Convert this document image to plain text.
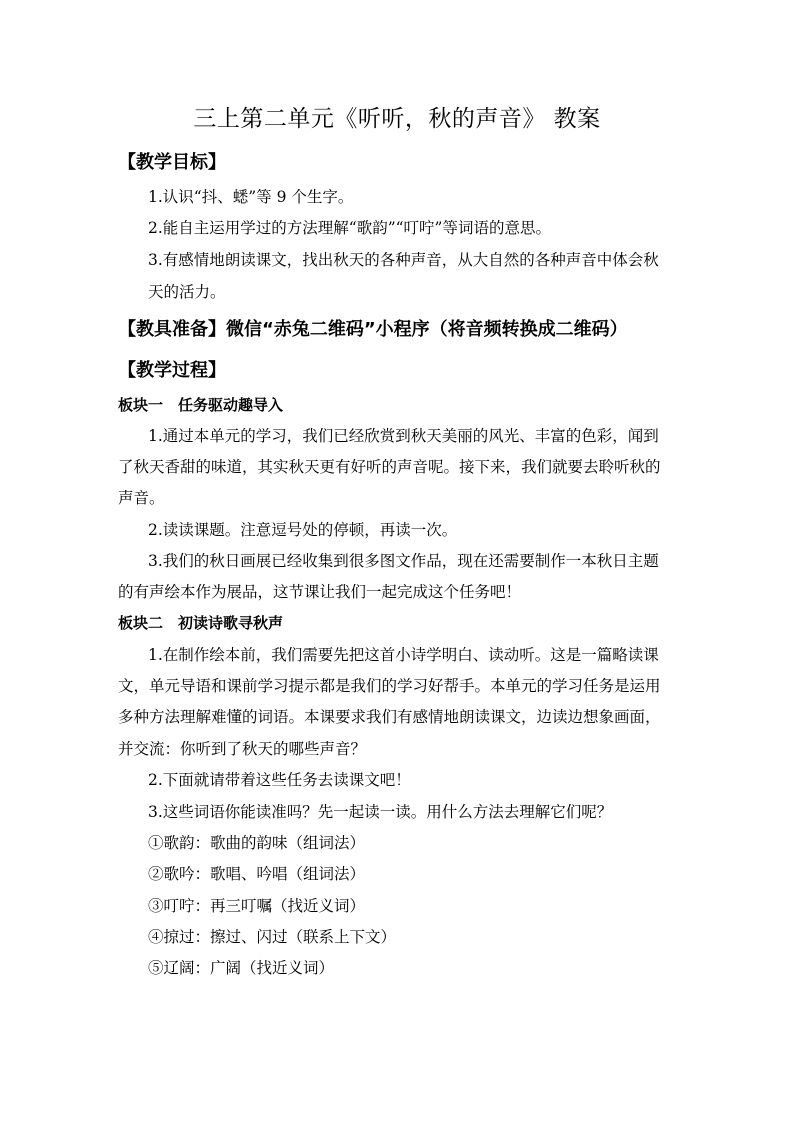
三上第二单元《听听，秋的声音》 教案
【教学目标】
1.认识“抖、蟋”等 9 个生字。
2.能自主运用学过的方法理解“歌韵”“叮咛”等词语的意思。
3.有感情地朗读课文，找出秋天的各种声音，从大自然的各种声音中体会秋
天的活力。
【教具准备】微信“赤兔二维码”小程序（将音频转换成二维码）
【教学过程】
板块一　任务驱动趣导入
1.通过本单元的学习，我们已经欣赏到秋天美丽的风光、丰富的色彩，闻到
了秋天香甜的味道，其实秋天更有好听的声音呢。接下来，我们就要去聆听秋的
声音。
2.读读课题。注意逗号处的停顿，再读一次。
3.我们的秋日画展已经收集到很多图文作品，现在还需要制作一本秋日主题
的有声绘本作为展品，这节课让我们一起完成这个任务吧！
板块二　初读诗歌寻秋声
1.在制作绘本前，我们需要先把这首小诗学明白、读动听。这是一篇略读课
文，单元导语和课前学习提示都是我们的学习好帮手。本单元的学习任务是运用
多种方法理解难懂的词语。本课要求我们有感情地朗读课文，边读边想象画面，
并交流：你听到了秋天的哪些声音？
2.下面就请带着这些任务去读课文吧！
3.这些词语你能读准吗？先一起读一读。用什么方法去理解它们呢？
①歌韵：歌曲的韵味（组词法）
②歌吟：歌唱、吟唱（组词法）
③叮咛：再三叮嘱（找近义词）
④掠过：擦过、闪过（联系上下文）
⑤辽阔：广阔（找近义词）
